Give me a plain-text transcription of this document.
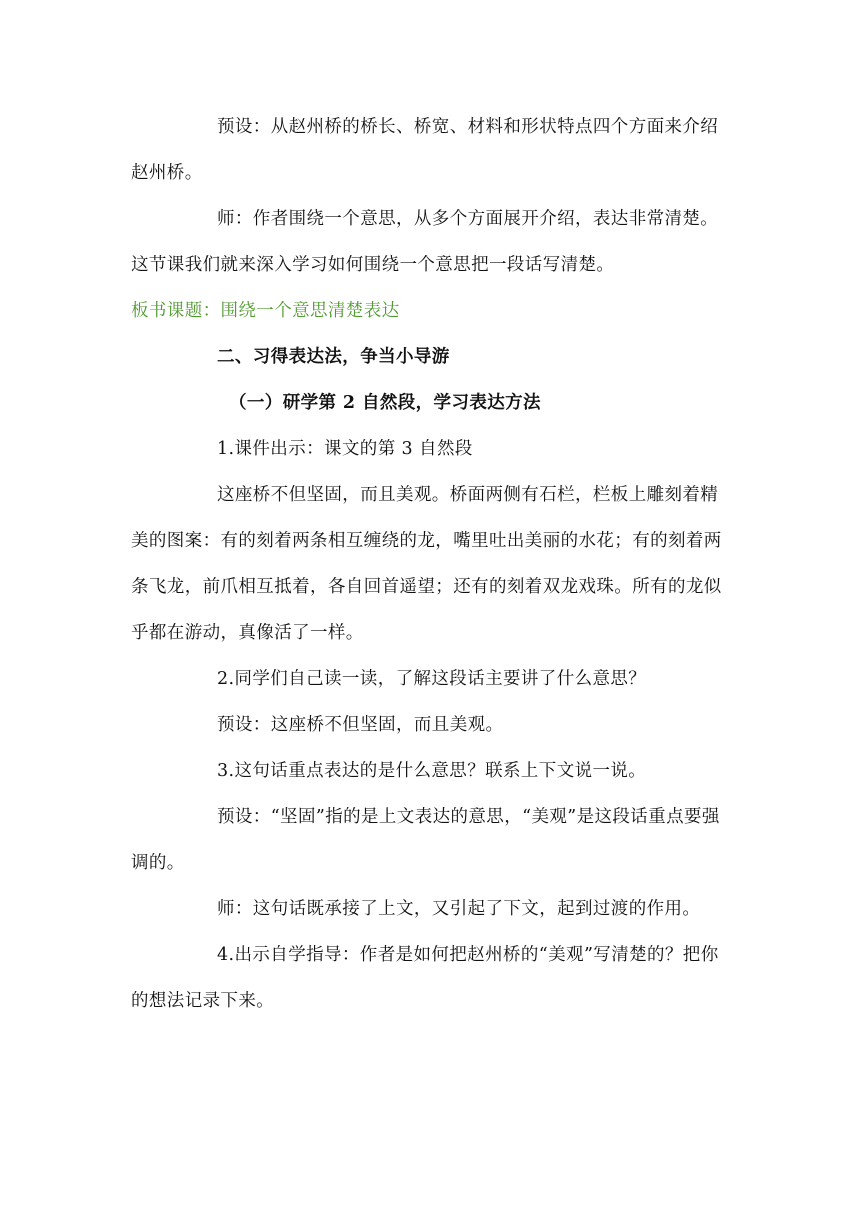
预设：从赵州桥的桥长、桥宽、材料和形状特点四个方面来介绍赵州桥。

师：作者围绕一个意思，从多个方面展开介绍，表达非常清楚。这节课我们就来深入学习如何围绕一个意思把一段话写清楚。

板书课题：围绕一个意思清楚表达

二、习得表达法，争当小导游

（一）研学第 2 自然段，学习表达方法

1.课件出示：课文的第 3 自然段

这座桥不但坚固，而且美观。桥面两侧有石栏，栏板上雕刻着精美的图案：有的刻着两条相互缠绕的龙，嘴里吐出美丽的水花；有的刻着两条飞龙，前爪相互抵着，各自回首遥望；还有的刻着双龙戏珠。所有的龙似乎都在游动，真像活了一样。

2.同学们自己读一读，了解这段话主要讲了什么意思？

预设：这座桥不但坚固，而且美观。

3.这句话重点表达的是什么意思？联系上下文说一说。

预设：“坚固”指的是上文表达的意思，“美观”是这段话重点要强调的。

师：这句话既承接了上文，又引起了下文，起到过渡的作用。

4.出示自学指导：作者是如何把赵州桥的“美观”写清楚的？把你的想法记录下来。
